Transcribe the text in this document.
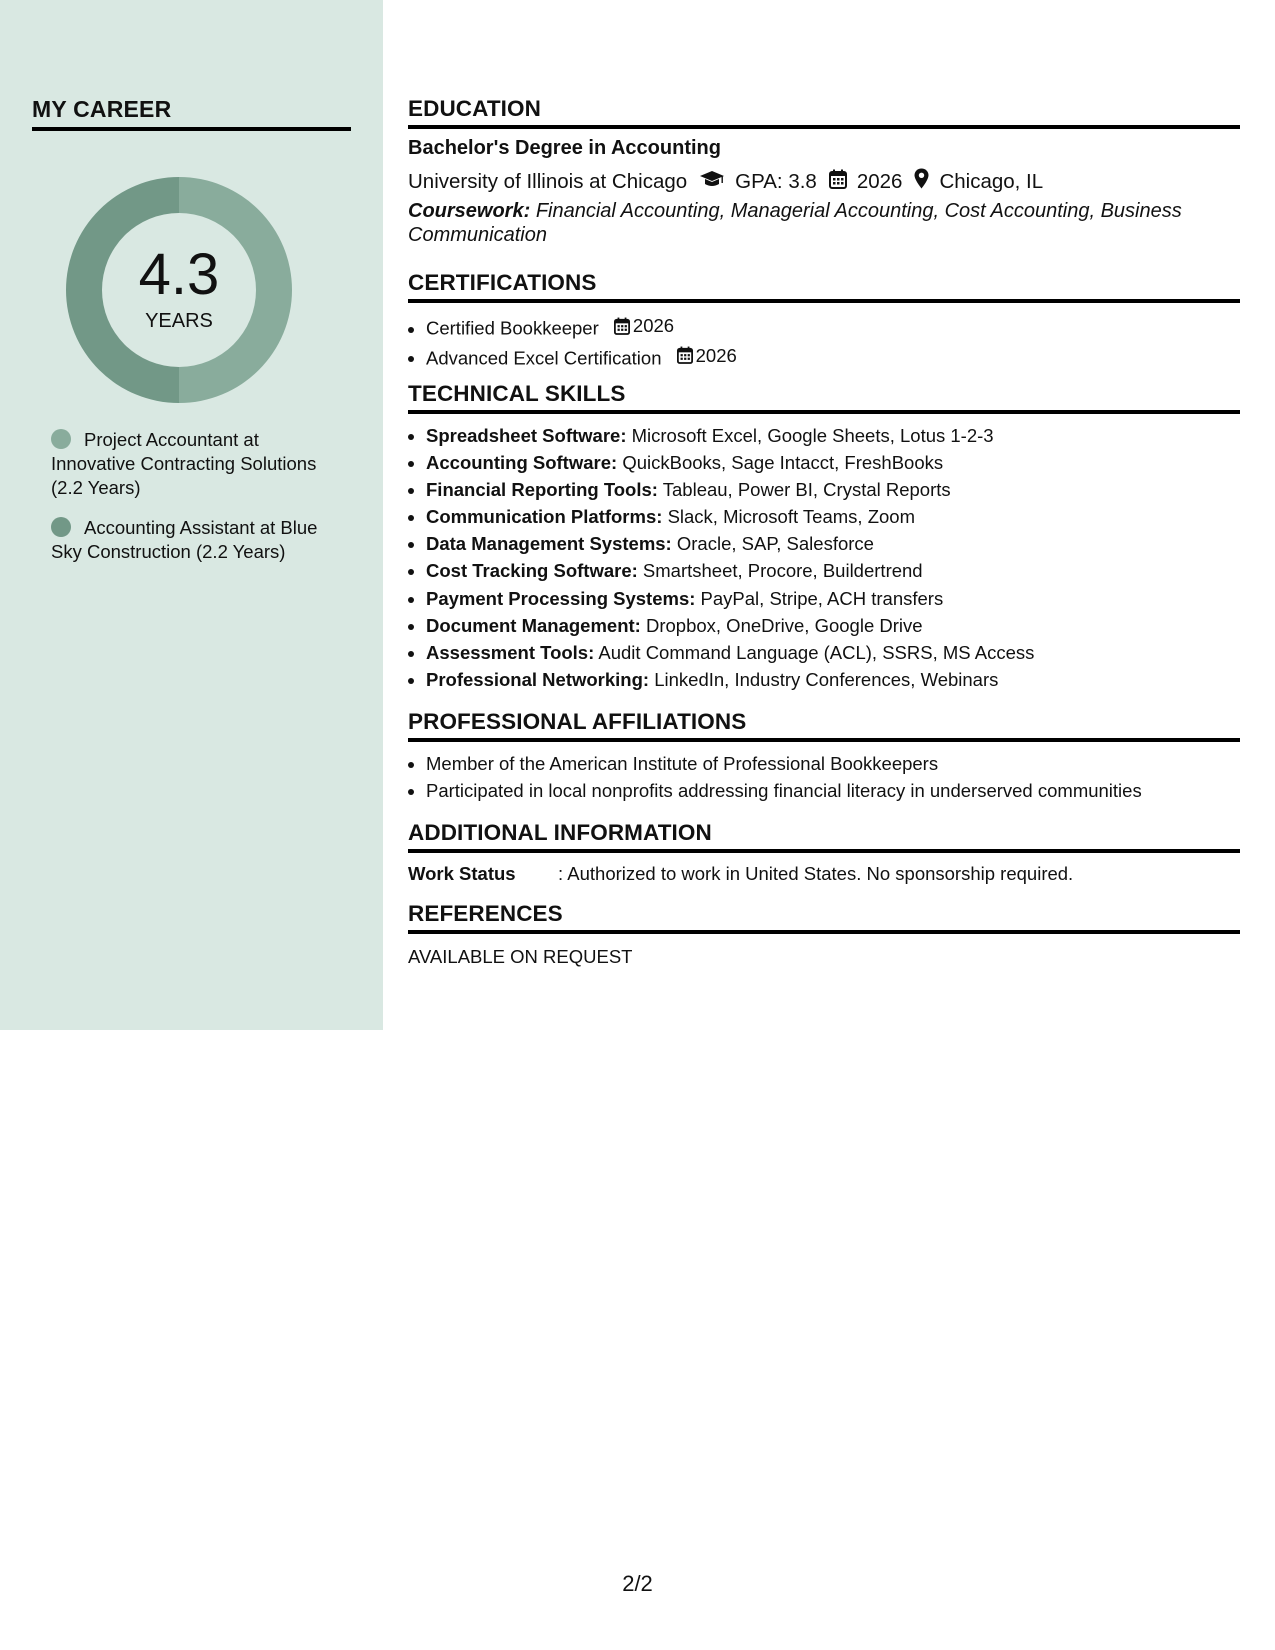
MY CAREER
4.3
YEARS
Project Accountant at Innovative Contracting Solutions (2.2 Years)
Accounting Assistant at Blue Sky Construction (2.2 Years)
EDUCATION
Bachelor's Degree in Accounting
University of Illinois at Chicago GPA: 3.8 2026 Chicago, IL
Coursework: Financial Accounting, Managerial Accounting, Cost Accounting, Business Communication
CERTIFICATIONS
• Certified Bookkeeper 2026
• Advanced Excel Certification 2026
TECHNICAL SKILLS
• Spreadsheet Software: Microsoft Excel, Google Sheets, Lotus 1-2-3
• Accounting Software: QuickBooks, Sage Intacct, FreshBooks
• Financial Reporting Tools: Tableau, Power BI, Crystal Reports
• Communication Platforms: Slack, Microsoft Teams, Zoom
• Data Management Systems: Oracle, SAP, Salesforce
• Cost Tracking Software: Smartsheet, Procore, Buildertrend
• Payment Processing Systems: PayPal, Stripe, ACH transfers
• Document Management: Dropbox, OneDrive, Google Drive
• Assessment Tools: Audit Command Language (ACL), SSRS, MS Access
• Professional Networking: LinkedIn, Industry Conferences, Webinars
PROFESSIONAL AFFILIATIONS
• Member of the American Institute of Professional Bookkeepers
• Participated in local nonprofits addressing financial literacy in underserved communities
ADDITIONAL INFORMATION
Work Status : Authorized to work in United States. No sponsorship required.
REFERENCES
AVAILABLE ON REQUEST
2/2
